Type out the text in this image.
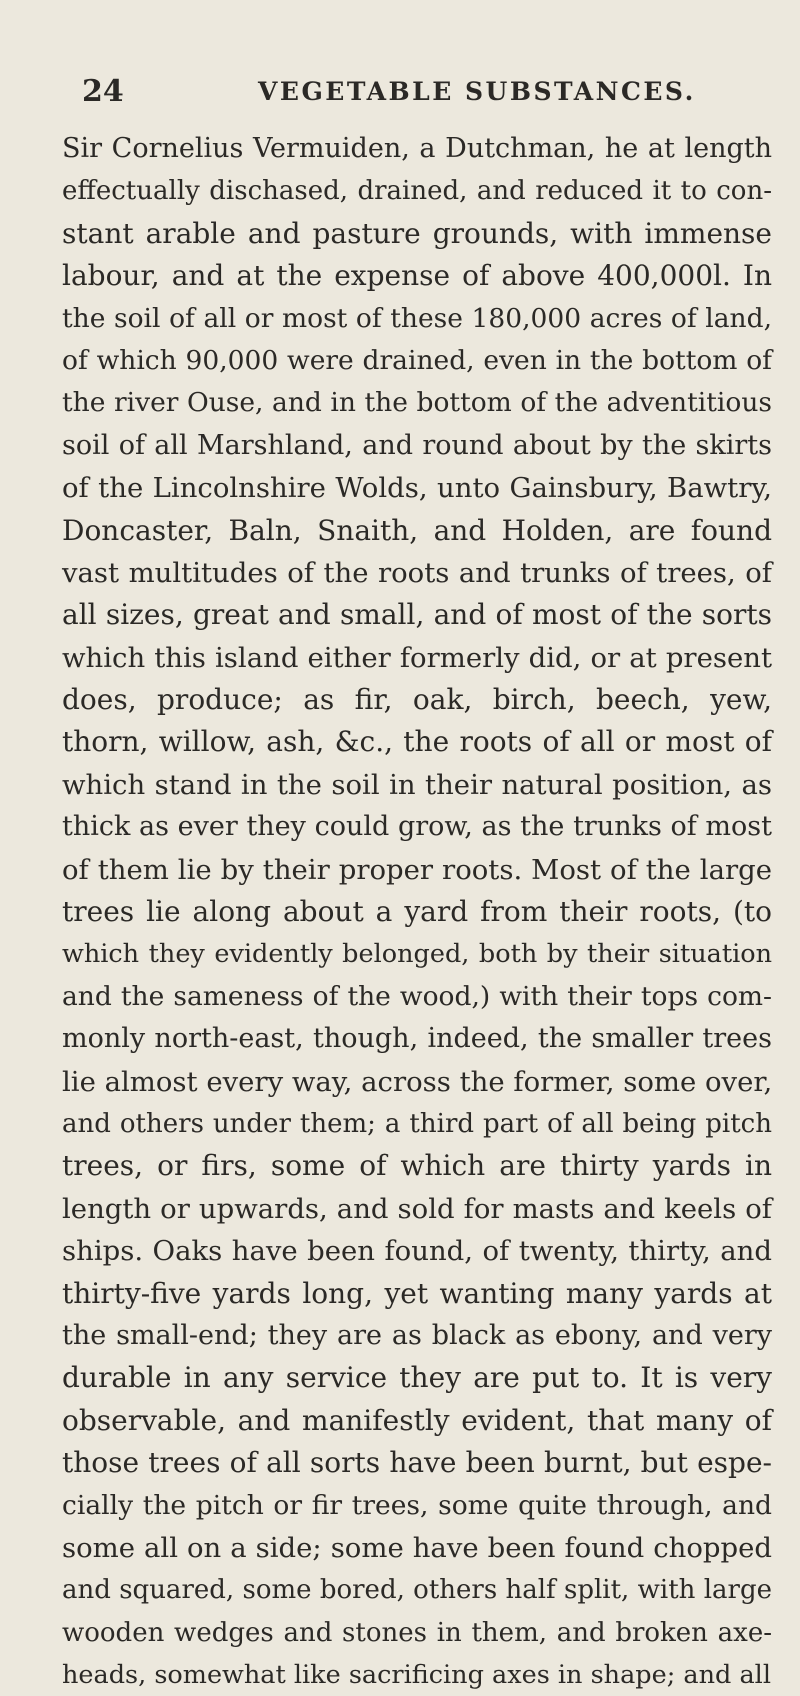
24	VEGETABLE SUBSTANCES.
Sir Cornelius Vermuiden, a Dutchman, he at length
effectually dischased, drained, and reduced it to con-
stant arable and pasture grounds, with immense
labour, and at the expense of above 400,000l. In
the soil of all or most of these 180,000 acres of land,
of which 90,000 were drained, even in the bottom of
the river Ouse, and in the bottom of the adventitious
soil of all Marshland, and round about by the skirts
of the Lincolnshire Wolds, unto Gainsbury, Bawtry,
Doncaster, Baln, Snaith, and Holden, are found
vast multitudes of the roots and trunks of trees, of
all sizes, great and small, and of most of the sorts
which this island either formerly did, or at present
does, produce; as fir, oak, birch, beech, yew,
thorn, willow, ash, &c., the roots of all or most of
which stand in the soil in their natural position, as
thick as ever they could grow, as the trunks of most
of them lie by their proper roots. Most of the large
trees lie along about a yard from their roots, (to
which they evidently belonged, both by their situation
and the sameness of the wood,) with their tops com-
monly north-east, though, indeed, the smaller trees
lie almost every way, across the former, some over,
and others under them; a third part of all being pitch
trees, or firs, some of which are thirty yards in
length or upwards, and sold for masts and keels of
ships. Oaks have been found, of twenty, thirty, and
thirty-five yards long, yet wanting many yards at
the small-end; they are as black as ebony, and very
durable in any service they are put to. It is very
observable, and manifestly evident, that many of
those trees of all sorts have been burnt, but espe-
cially the pitch or fir trees, some quite through, and
some all on a side; some have been found chopped
and squared, some bored, others half split, with large
wooden wedges and stones in them, and broken axe-
heads, somewhat like sacrificing axes in shape; and all
